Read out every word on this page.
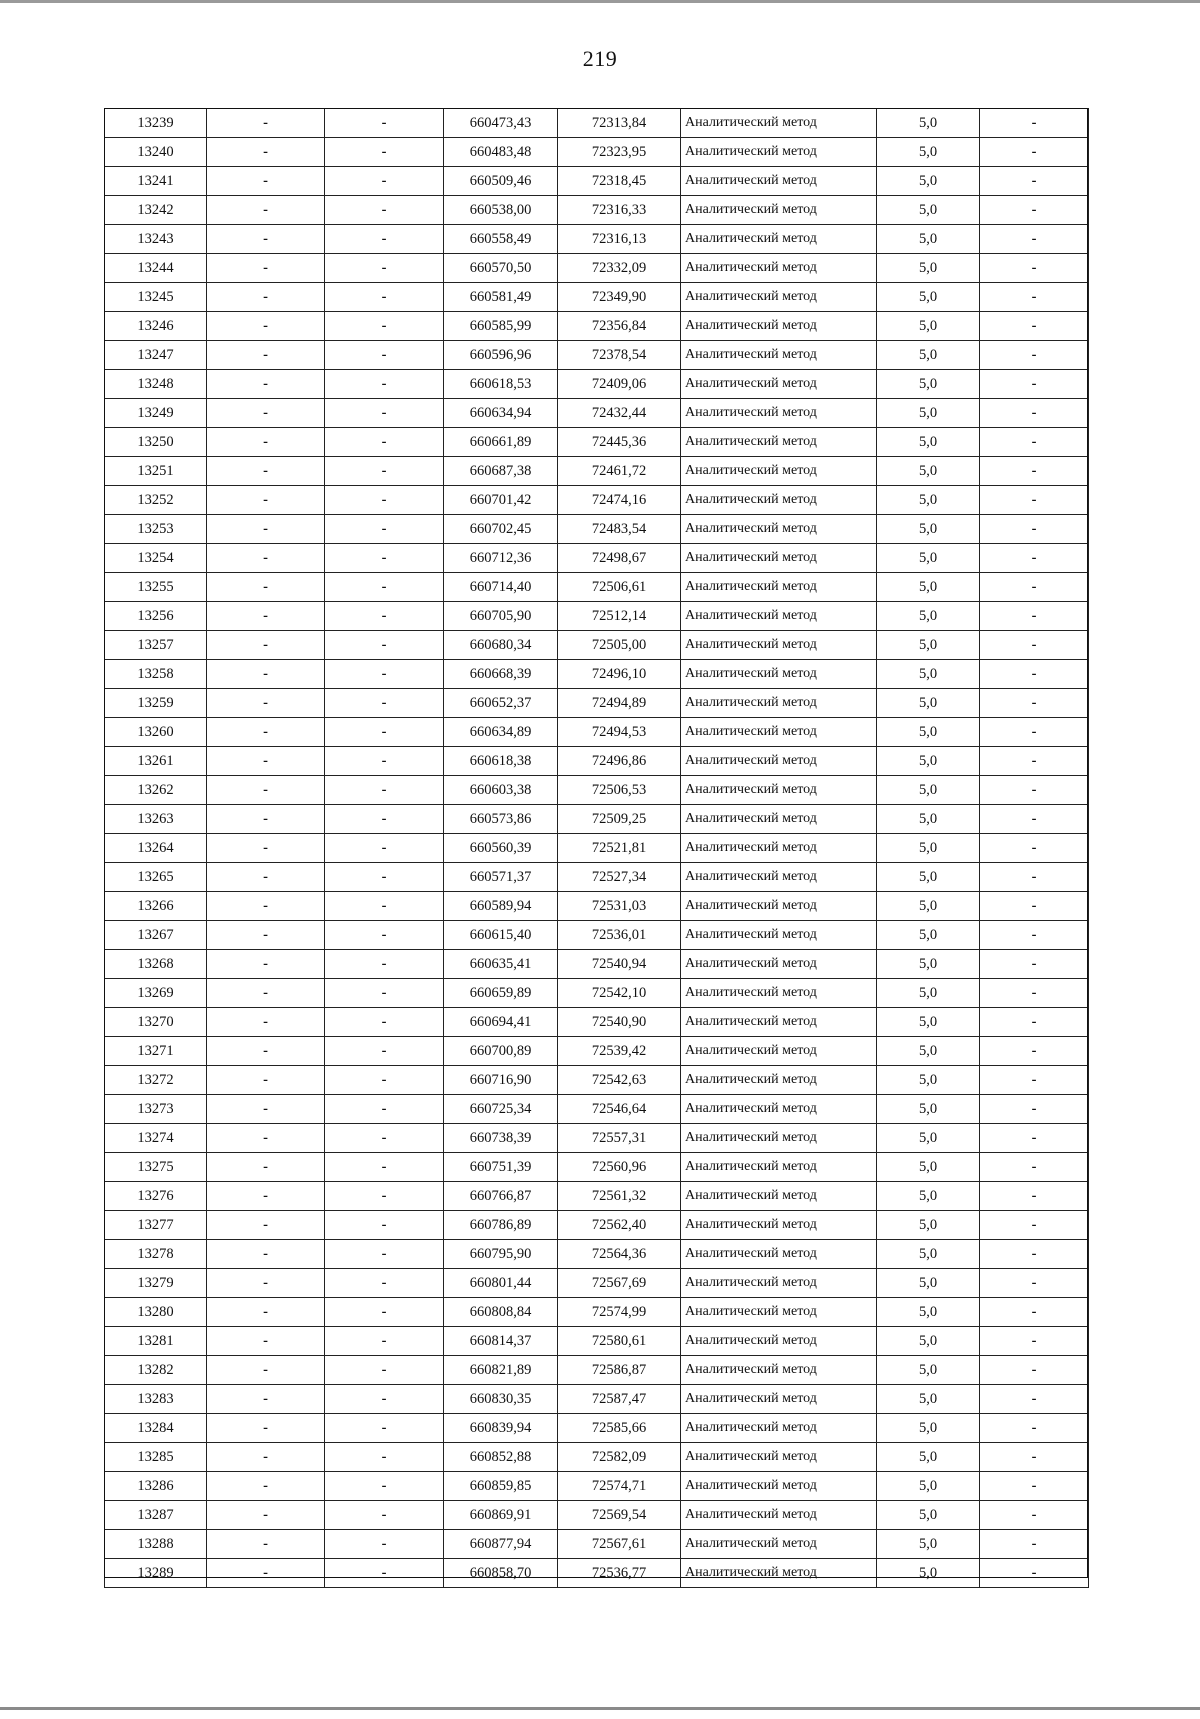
219
13239	-	-	660473,43	72313,84	Аналитический метод	5,0	-
13240	-	-	660483,48	72323,95	Аналитический метод	5,0	-
13241	-	-	660509,46	72318,45	Аналитический метод	5,0	-
13242	-	-	660538,00	72316,33	Аналитический метод	5,0	-
13243	-	-	660558,49	72316,13	Аналитический метод	5,0	-
13244	-	-	660570,50	72332,09	Аналитический метод	5,0	-
13245	-	-	660581,49	72349,90	Аналитический метод	5,0	-
13246	-	-	660585,99	72356,84	Аналитический метод	5,0	-
13247	-	-	660596,96	72378,54	Аналитический метод	5,0	-
13248	-	-	660618,53	72409,06	Аналитический метод	5,0	-
13249	-	-	660634,94	72432,44	Аналитический метод	5,0	-
13250	-	-	660661,89	72445,36	Аналитический метод	5,0	-
13251	-	-	660687,38	72461,72	Аналитический метод	5,0	-
13252	-	-	660701,42	72474,16	Аналитический метод	5,0	-
13253	-	-	660702,45	72483,54	Аналитический метод	5,0	-
13254	-	-	660712,36	72498,67	Аналитический метод	5,0	-
13255	-	-	660714,40	72506,61	Аналитический метод	5,0	-
13256	-	-	660705,90	72512,14	Аналитический метод	5,0	-
13257	-	-	660680,34	72505,00	Аналитический метод	5,0	-
13258	-	-	660668,39	72496,10	Аналитический метод	5,0	-
13259	-	-	660652,37	72494,89	Аналитический метод	5,0	-
13260	-	-	660634,89	72494,53	Аналитический метод	5,0	-
13261	-	-	660618,38	72496,86	Аналитический метод	5,0	-
13262	-	-	660603,38	72506,53	Аналитический метод	5,0	-
13263	-	-	660573,86	72509,25	Аналитический метод	5,0	-
13264	-	-	660560,39	72521,81	Аналитический метод	5,0	-
13265	-	-	660571,37	72527,34	Аналитический метод	5,0	-
13266	-	-	660589,94	72531,03	Аналитический метод	5,0	-
13267	-	-	660615,40	72536,01	Аналитический метод	5,0	-
13268	-	-	660635,41	72540,94	Аналитический метод	5,0	-
13269	-	-	660659,89	72542,10	Аналитический метод	5,0	-
13270	-	-	660694,41	72540,90	Аналитический метод	5,0	-
13271	-	-	660700,89	72539,42	Аналитический метод	5,0	-
13272	-	-	660716,90	72542,63	Аналитический метод	5,0	-
13273	-	-	660725,34	72546,64	Аналитический метод	5,0	-
13274	-	-	660738,39	72557,31	Аналитический метод	5,0	-
13275	-	-	660751,39	72560,96	Аналитический метод	5,0	-
13276	-	-	660766,87	72561,32	Аналитический метод	5,0	-
13277	-	-	660786,89	72562,40	Аналитический метод	5,0	-
13278	-	-	660795,90	72564,36	Аналитический метод	5,0	-
13279	-	-	660801,44	72567,69	Аналитический метод	5,0	-
13280	-	-	660808,84	72574,99	Аналитический метод	5,0	-
13281	-	-	660814,37	72580,61	Аналитический метод	5,0	-
13282	-	-	660821,89	72586,87	Аналитический метод	5,0	-
13283	-	-	660830,35	72587,47	Аналитический метод	5,0	-
13284	-	-	660839,94	72585,66	Аналитический метод	5,0	-
13285	-	-	660852,88	72582,09	Аналитический метод	5,0	-
13286	-	-	660859,85	72574,71	Аналитический метод	5,0	-
13287	-	-	660869,91	72569,54	Аналитический метод	5,0	-
13288	-	-	660877,94	72567,61	Аналитический метод	5,0	-
13289	-	-	660858,70	72536,77	Аналитический метод	5,0	-
